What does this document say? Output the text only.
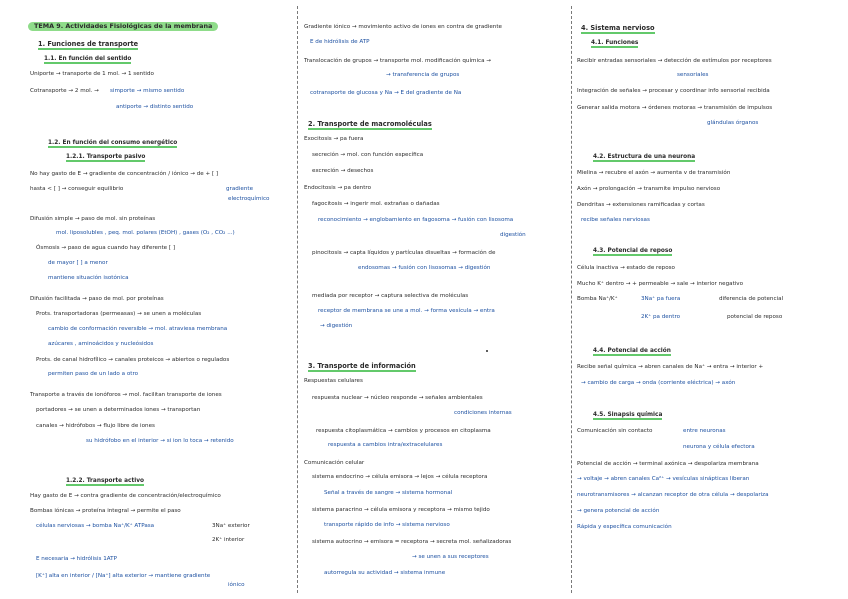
TEMA 9. Actividades Fisiológicas de la membrana
1. Funciones de transporte
1.1. En función del sentido
Uniporte → transporte de 1 mol. → 1 sentido
Cotransporte → 2 mol. → simporte → mismo sentido
antiporte → distinto sentido
1.2. En función del consumo energético
1.2.1. Transporte pasivo
No hay gasto de E → gradiente de concentración / iónico → de + [ ]
hasta < [ ] → conseguir equilibrio	gradiente
electroquímico
Difusión simple → paso de mol. sin proteínas
mol. liposolubles , peq. mol. polares (EtOH) , gases (O₂ , CO₂ ...)
Ósmosis → paso de agua cuando hay diferente [ ]
de mayor [ ] a menor
mantiene situación isotónica
Difusión facilitada → paso de mol. por proteínas
Prots. transportadoras (permeasas) → se unen a moléculas
cambio de conformación reversible → mol. atraviesa membrana
azúcares , aminoácidos y nucleósidos
Prots. de canal hidrofílico → canales proteicos → abiertos o regulados
permiten paso de un lado a otro
Transporte a través de ionóforos → mol. facilitan transporte de iones
portadores → se unen a determinados iones → transportan
canales → hidrófobos → flujo libre de iones
su hidrófobo en el interior → si ion lo toca → retenido
1.2.2. Transporte activo
Hay gasto de E → contra gradiente de concentración/electroquímico
Bombas iónicas → proteína integral → permite el paso
células nerviosas → bomba Na⁺/K⁺ ATPasa	3Na⁺ exterior
2K⁺ interior
E necesaria → hidrólisis 1ATP
[K⁺] alta en interior / [Na⁺] alta exterior → mantiene gradiente
iónico
Gradiente iónico → movimiento activo de iones en contra de gradiente
E de hidrólisis de ATP
Translocación de grupos → transporte mol. modificación química →
→ transferencia de grupos
cotransporte de glucosa y Na → E del gradiente de Na
2. Transporte de macromoléculas
Exocitosis → pa fuera
secreción → mol. con función específica
excreción → desechos
Endocitosis → pa dentro
fagocitosis → ingerir mol. extrañas o dañadas
reconocimiento → englobamiento en fagosoma → fusión con lisosoma
digestión
pinocitosis → capta líquidos y partículas disueltas → formación de
endosomas → fusión con lisosomas → digestión
mediada por receptor → captura selectiva de moléculas
receptor de membrana se une a mol. → forma vesícula → entra
→ digestión
3. Transporte de información
Respuestas celulares
respuesta nuclear → núcleo responde → señales ambientales
condiciones internas
respuesta citoplasmática → cambios y procesos en citoplasma
respuesta a cambios intra/extracelulares
Comunicación celular
sistema endocrino → célula emisora → lejos → célula receptora
Señal a través de sangre → sistema hormonal
sistema paracrino → célula emisora y receptora → mismo tejido
transporte rápido de info → sistema nervioso
sistema autocrino → emisora = receptora → secreta mol. señalizadoras
→ se unen a sus receptores
autorregula su actividad → sistema inmune
4. Sistema nervioso
4.1. Funciones
Recibir entradas sensoriales → detección de estímulos por receptores
sensoriales
Integración de señales → procesar y coordinar info sensorial recibida
Generar salida motora → órdenes motoras → transmisión de impulsos
glándulas órganos
4.2. Estructura de una neurona
Mielina → recubre el axón → aumenta v de transmisión
Axón → prolongación → transmite impulso nervioso
Dendritas → extensiones ramificadas y cortas
recibe señales nerviosas
4.3. Potencial de reposo
Célula inactiva → estado de reposo
Mucho K⁺ dentro → + permeable → sale → interior negativo
Bomba Na⁺/K⁺	3Na⁺ pa fuera	diferencia de potencial
2K⁺ pa dentro	potencial de reposo
4.4. Potencial de acción
Recibe señal química → abren canales de Na⁺ → entra → interior +
→ cambio de carga → onda (corriente eléctrica) → axón
4.5. Sinapsis química
Comunicación sin contacto	entre neuronas
neurona y célula efectora
Potencial de acción → terminal axónica → despolariza membrana
→ voltaje → abren canales Ca²⁺ → vesículas sinápticas liberan
neurotransmisores → alcanzan receptor de otra célula → despolariza
→ genera potencial de acción
Rápida y específica comunicación
